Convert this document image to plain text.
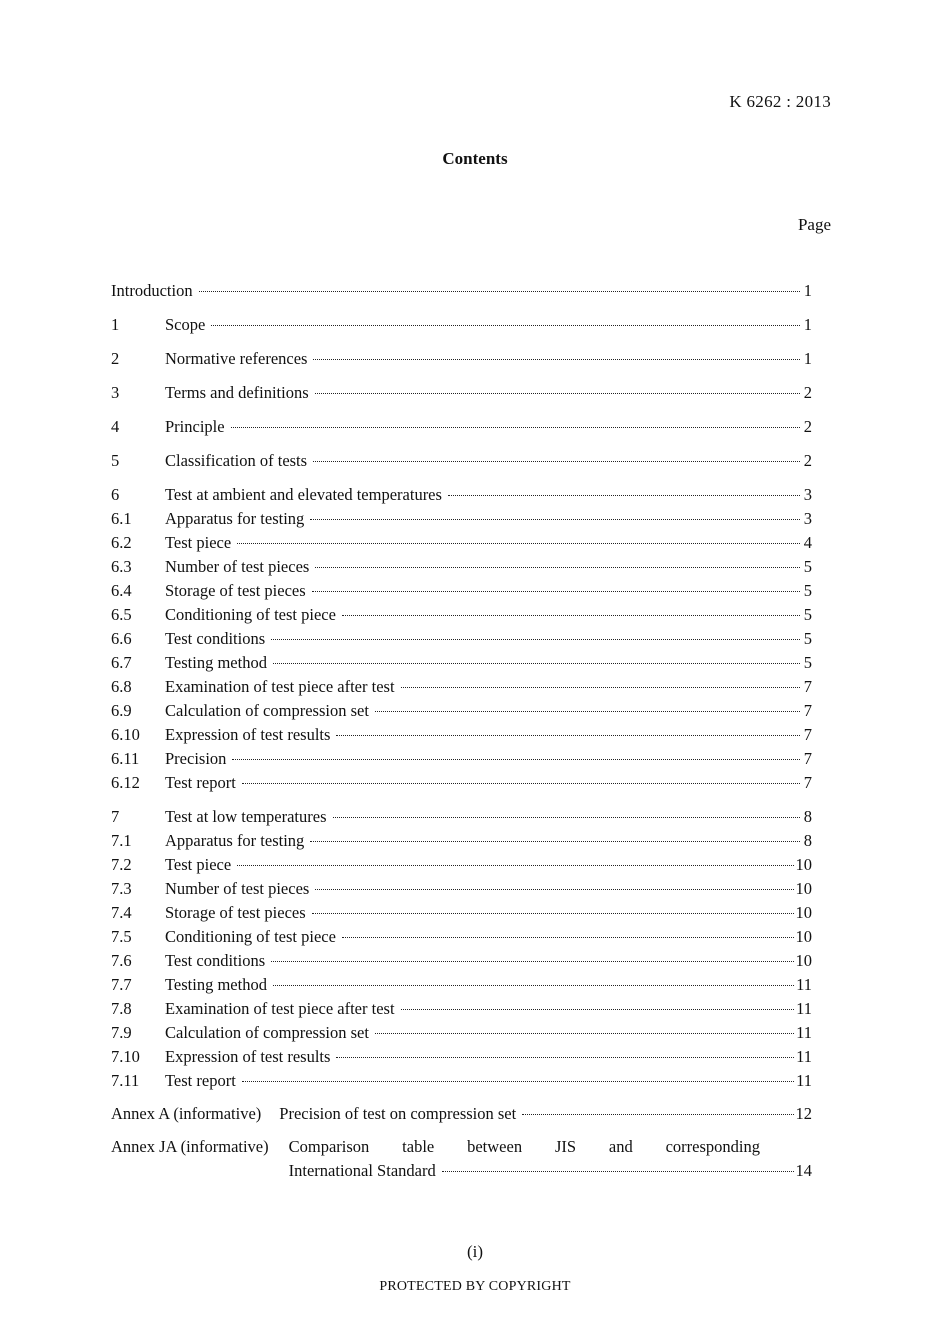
K 6262 : 2013
Contents
Page
Introduction	1
1	Scope	1
2	Normative references	1
3	Terms and definitions	2
4	Principle	2
5	Classification of tests	2
6	Test at ambient and elevated temperatures	3
6.1	Apparatus for testing	3
6.2	Test piece	4
6.3	Number of test pieces	5
6.4	Storage of test pieces	5
6.5	Conditioning of test piece	5
6.6	Test conditions	5
6.7	Testing method	5
6.8	Examination of test piece after test	7
6.9	Calculation of compression set	7
6.10	Expression of test results	7
6.11	Precision	7
6.12	Test report	7
7	Test at low temperatures	8
7.1	Apparatus for testing	8
7.2	Test piece	10
7.3	Number of test pieces	10
7.4	Storage of test pieces	10
7.5	Conditioning of test piece	10
7.6	Test conditions	10
7.7	Testing method	11
7.8	Examination of test piece after test	11
7.9	Calculation of compression set	11
7.10	Expression of test results	11
7.11	Test report	11
Annex A (informative)	Precision of test on compression set	12
Annex JA (informative)	Comparison table between JIS and corresponding
International Standard	14
(i)
PROTECTED BY COPYRIGHT
